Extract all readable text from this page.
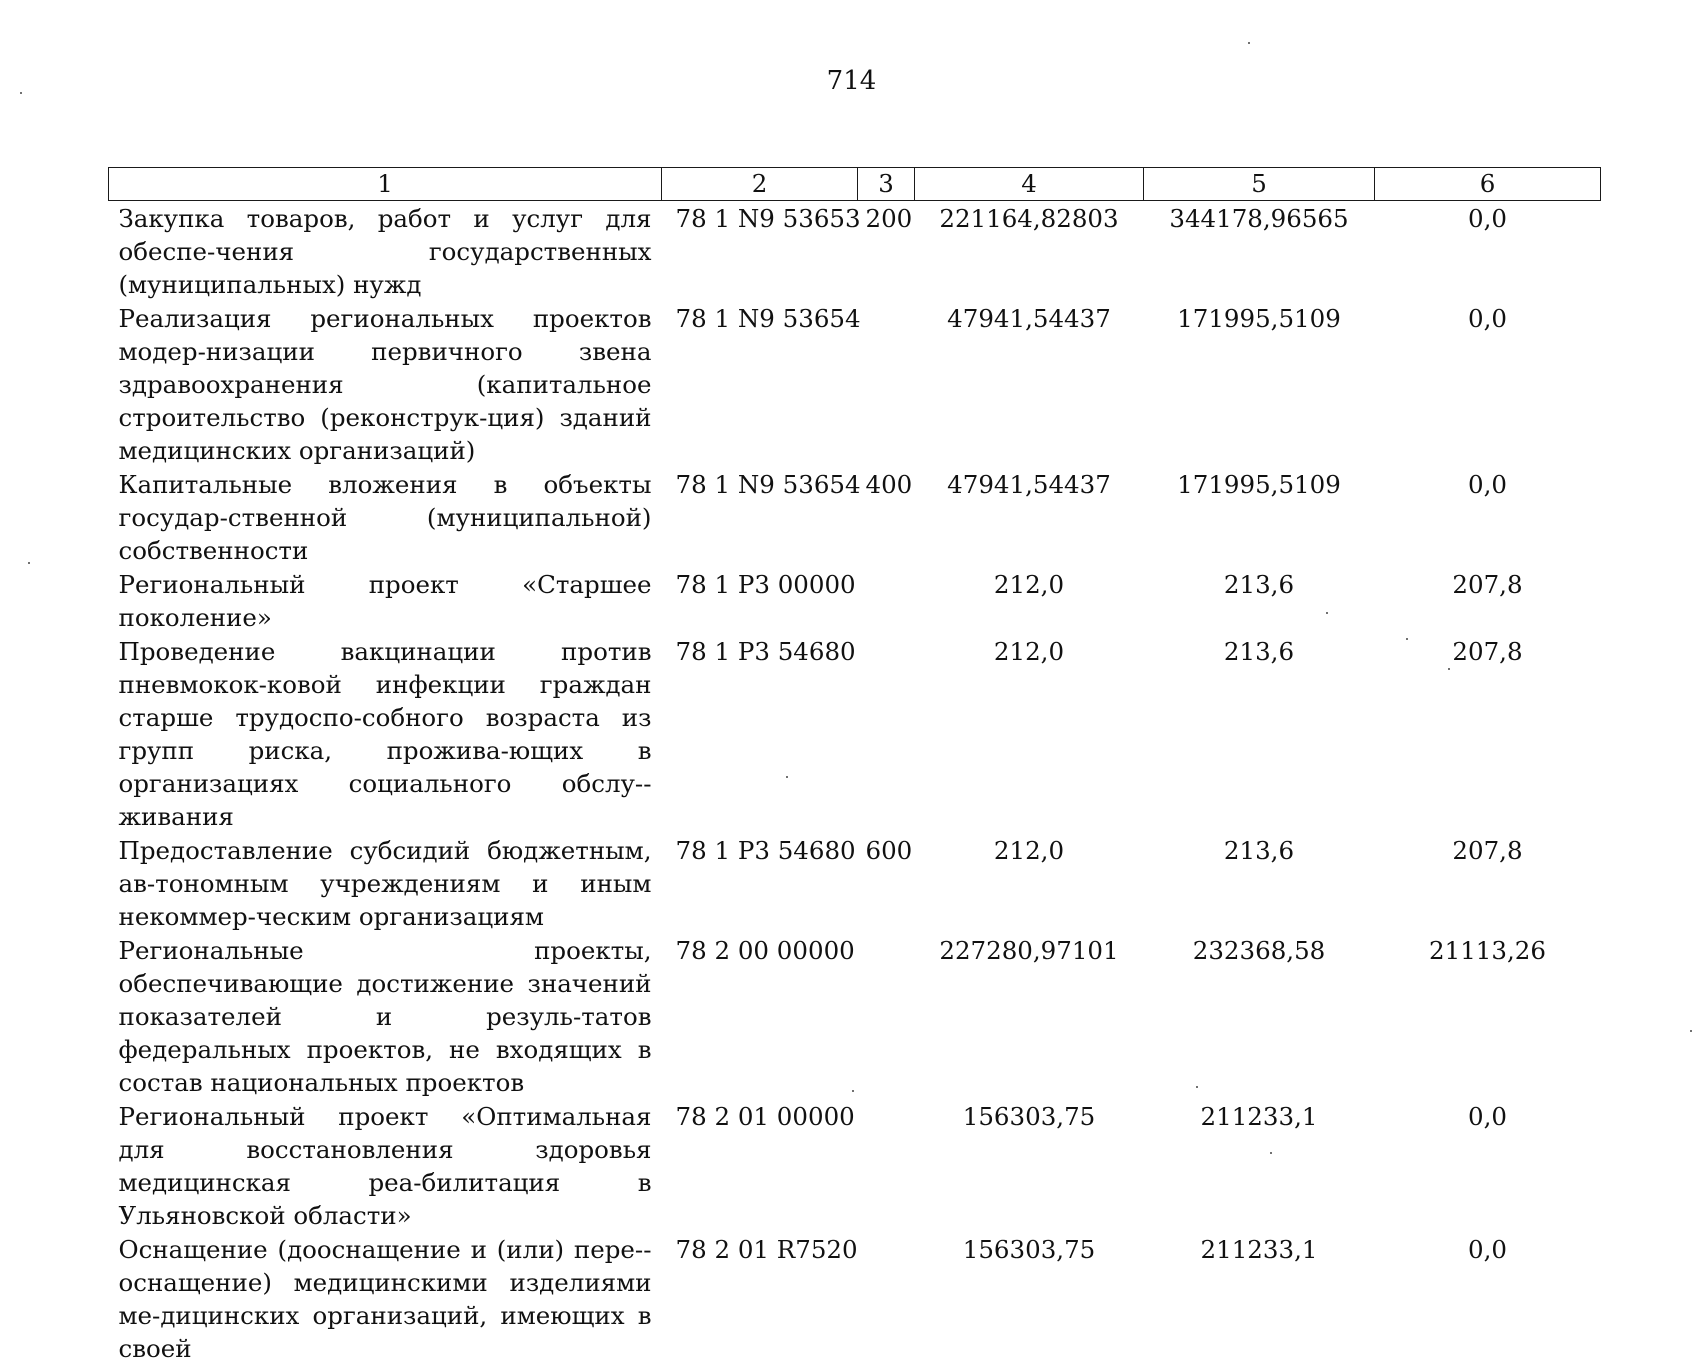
714
1	2	3	4	5	6
Закупка товаров, работ и услуг для обеспе-чения государственных (муниципальных) нужд	78 1 N9 53653	200	221164,82803	344178,96565	0,0
Реализация региональных проектов модер-низации первичного звена здравоохранения (капитальное строительство (реконструк-ция) зданий медицинских организаций)	78 1 N9 53654		47941,54437	171995,5109	0,0
Капитальные вложения в объекты государ-ственной (муниципальной) собственности	78 1 N9 53654	400	47941,54437	171995,5109	0,0
Региональный проект «Старшее поколение»	78 1 P3 00000		212,0	213,6	207,8
Проведение вакцинации против пневмокок-ковой инфекции граждан старше трудоспо-собного возраста из групп риска, прожива-ющих в организациях социального обслу-живания	78 1 P3 54680		212,0	213,6	207,8
Предоставление субсидий бюджетным, ав-тономным учреждениям и иным некоммер-ческим организациям	78 1 P3 54680	600	212,0	213,6	207,8
Региональные проекты, обеспечивающие достижение значений показателей и резуль-татов федеральных проектов, не входящих в состав национальных проектов	78 2 00 00000		227280,97101	232368,58	21113,26
Региональный проект «Оптимальная для восстановления здоровья медицинская реа-билитация в Ульяновской области»	78 2 01 00000		156303,75	211233,1	0,0
Оснащение (дооснащение и (или) пере-оснащение) медицинскими изделиями ме-дицинских организаций, имеющих в своей	78 2 01 R7520		156303,75	211233,1	0,0
